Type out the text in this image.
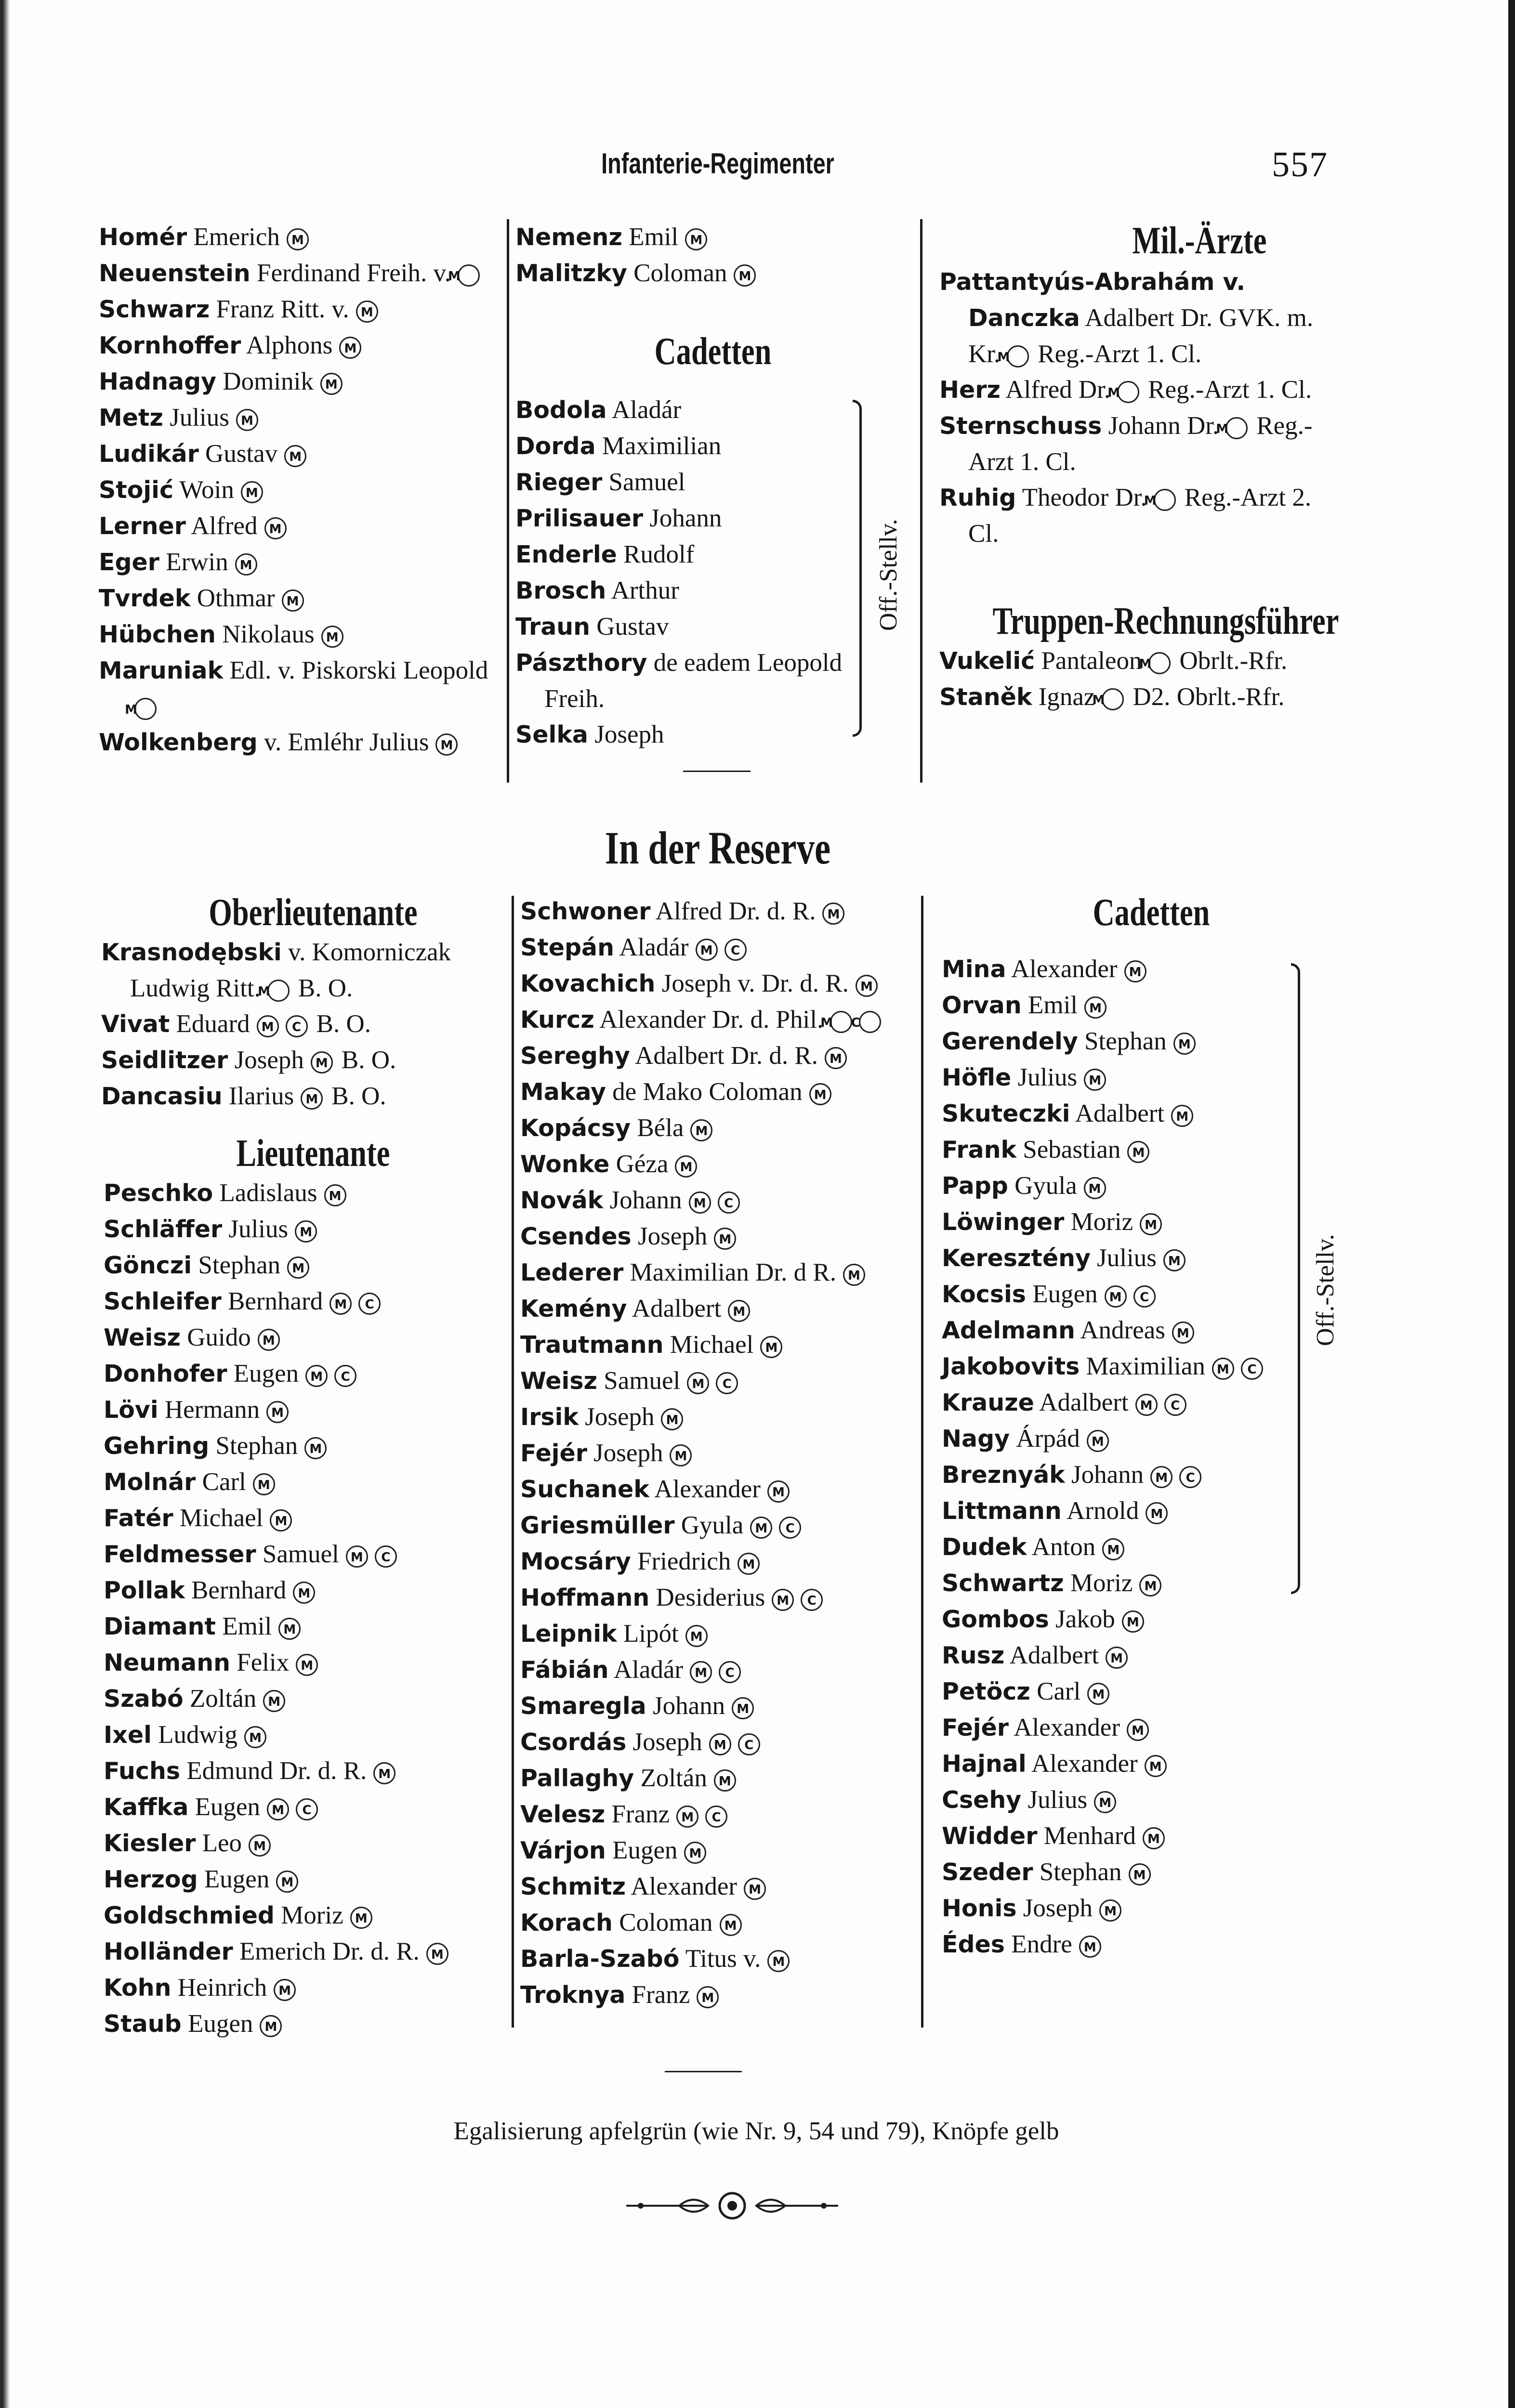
Infanterie-Regimenter	557
Homér Emerich M
Neuenstein Ferdinand Freih. v.M
Schwarz Franz Ritt. v. M
Kornhoffer Alphons M
Hadnagy Dominik M
Metz Julius M
Ludikár Gustav M
Stojić Woin M
Lerner Alfred M
Eger Erwin M
Tvrdek Othmar M
Hübchen Nikolaus M
Maruniak Edl. v. Piskorski LeopoldM
Wolkenberg v. Emléhr Julius M
Nemenz Emil M
Malitzky Coloman M
Cadetten
Bodola Aladár
Dorda Maximilian
Rieger Samuel
Prilisauer Johann
Enderle Rudolf
Brosch Arthur
Traun Gustav
Pászthory de eadem Leopold Freih.
Selka Joseph
Off.-Stellv.
Mil.-Ärzte
Pattantyús-Abrahám v. Danczka Adalbert Dr. GVK. m. Kr.M Reg.-Arzt 1. Cl.
Herz Alfred Dr.M Reg.-Arzt 1. Cl.
Sternschuss Johann Dr.M Reg.-Arzt 1. Cl.
Ruhig Theodor Dr.M Reg.-Arzt 2. Cl.
Truppen-Rechnungsführer
Vukelić PantaleonM Obrlt.-Rfr.
Staněk IgnazM D2. Obrlt.-Rfr.
In der Reserve
Oberlieutenante
Krasnodębski v. Komorniczak Ludwig Ritt.M B. O.
Vivat Eduard M C B. O.
Seidlitzer Joseph M B. O.
Dancasiu Ilarius M B. O.
Lieutenante
Peschko Ladislaus M
Schläffer Julius M
Gönczi Stephan M
Schleifer Bernhard M C
Weisz Guido M
Donhofer Eugen M C
Lövi Hermann M
Gehring Stephan M
Molnár Carl M
Fatér Michael M
Feldmesser Samuel M C
Pollak Bernhard M
Diamant Emil M
Neumann Felix M
Szabó Zoltán M
Ixel Ludwig M
Fuchs Edmund Dr. d. R. M
Kaffka Eugen M C
Kiesler Leo M
Herzog Eugen M
Goldschmied Moriz M
Holländer Emerich Dr. d. R. M
Kohn Heinrich M
Staub Eugen M
Schwoner Alfred Dr. d. R. M
Stepán Aladár M C
Kovachich Joseph v. Dr. d. R. M
Kurcz Alexander Dr. d. Phil.M C
Sereghy Adalbert Dr. d. R. M
Makay de Mako Coloman M
Kopácsy Béla M
Wonke Géza M
Novák Johann M C
Csendes Joseph M
Lederer Maximilian Dr. d R. M
Kemény Adalbert M
Trautmann Michael M
Weisz Samuel M C
Irsik Joseph M
Fejér Joseph M
Suchanek Alexander M
Griesmüller Gyula M C
Mocsáry Friedrich M
Hoffmann Desiderius M C
Leipnik Lipót M
Fábián Aladár M C
Smaregla Johann M
Csordás Joseph M C
Pallaghy Zoltán M
Velesz Franz M C
Várjon Eugen M
Schmitz Alexander M
Korach Coloman M
Barla-Szabó Titus v. M
Troknya Franz M
Cadetten
Mina Alexander M
Orvan Emil M
Gerendely Stephan M
Höfle Julius M
Skuteczki Adalbert M
Frank Sebastian M
Papp Gyula M
Löwinger Moriz M
Keresztény Julius M
Kocsis Eugen M C
Adelmann Andreas M
Jakobovits Maximilian M C
Krauze Adalbert M C
Nagy Árpád M
Breznyák Johann M C
Littmann Arnold M
Dudek Anton M
Schwartz Moriz M
Gombos Jakob M
Rusz Adalbert M
Petöcz Carl M
Fejér Alexander M
Hajnal Alexander M
Csehy Julius M
Widder Menhard M
Szeder Stephan M
Honis Joseph M
Édes Endre M
Off.-Stellv.
Egalisierung apfelgrün (wie Nr. 9, 54 und 79), Knöpfe gelb
